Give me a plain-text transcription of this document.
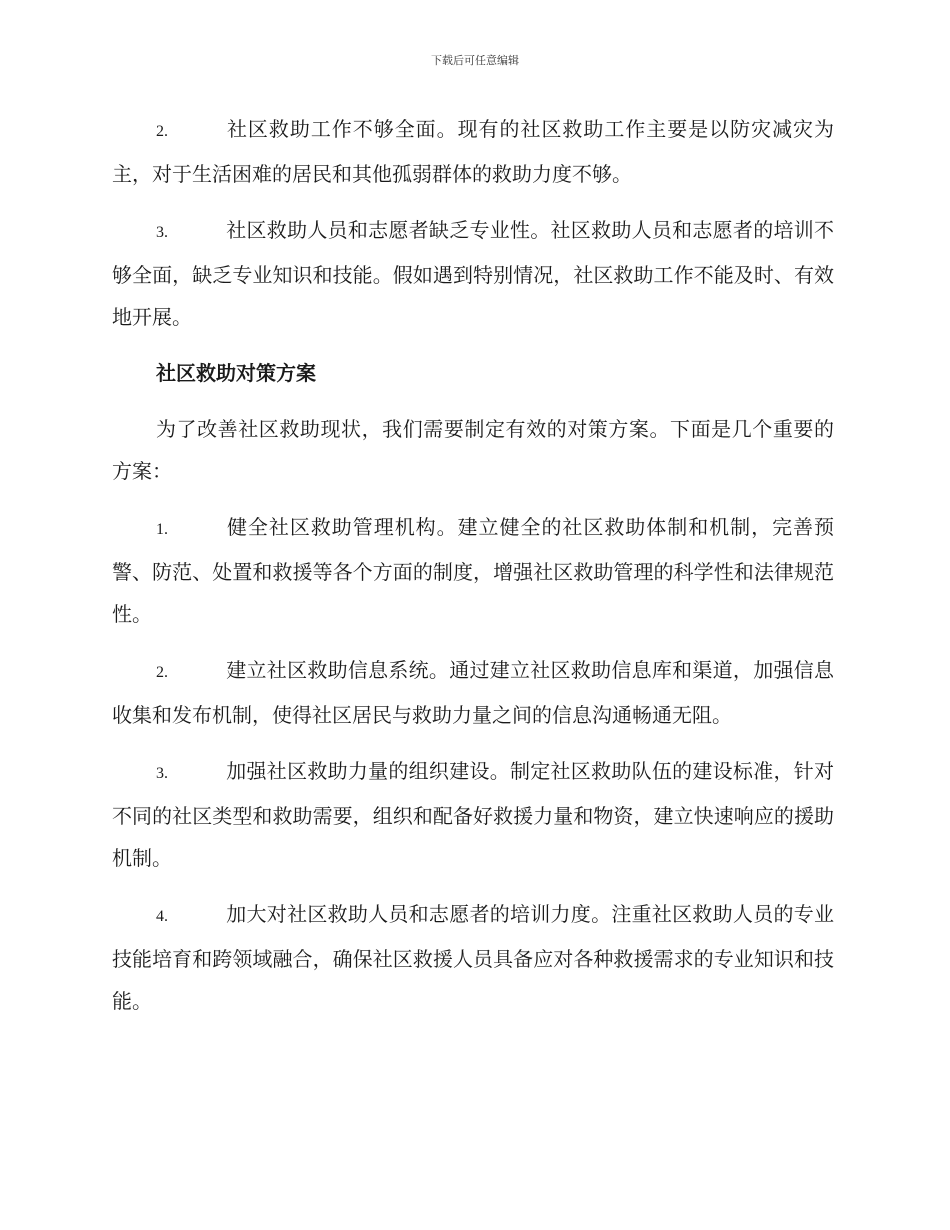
下载后可任意编辑

2.	社区救助工作不够全面。现有的社区救助工作主要是以防灾减灾为主，对于生活困难的居民和其他孤弱群体的救助力度不够。

3.	社区救助人员和志愿者缺乏专业性。社区救助人员和志愿者的培训不够全面，缺乏专业知识和技能。假如遇到特别情况，社区救助工作不能及时、有效地开展。

社区救助对策方案

为了改善社区救助现状，我们需要制定有效的对策方案。下面是几个重要的方案：

1.	健全社区救助管理机构。建立健全的社区救助体制和机制，完善预警、防范、处置和救援等各个方面的制度，增强社区救助管理的科学性和法律规范性。

2.	建立社区救助信息系统。通过建立社区救助信息库和渠道，加强信息收集和发布机制，使得社区居民与救助力量之间的信息沟通畅通无阻。

3.	加强社区救助力量的组织建设。制定社区救助队伍的建设标准，针对不同的社区类型和救助需要，组织和配备好救援力量和物资，建立快速响应的援助机制。

4.	加大对社区救助人员和志愿者的培训力度。注重社区救助人员的专业技能培育和跨领域融合，确保社区救援人员具备应对各种救援需求的专业知识和技能。
